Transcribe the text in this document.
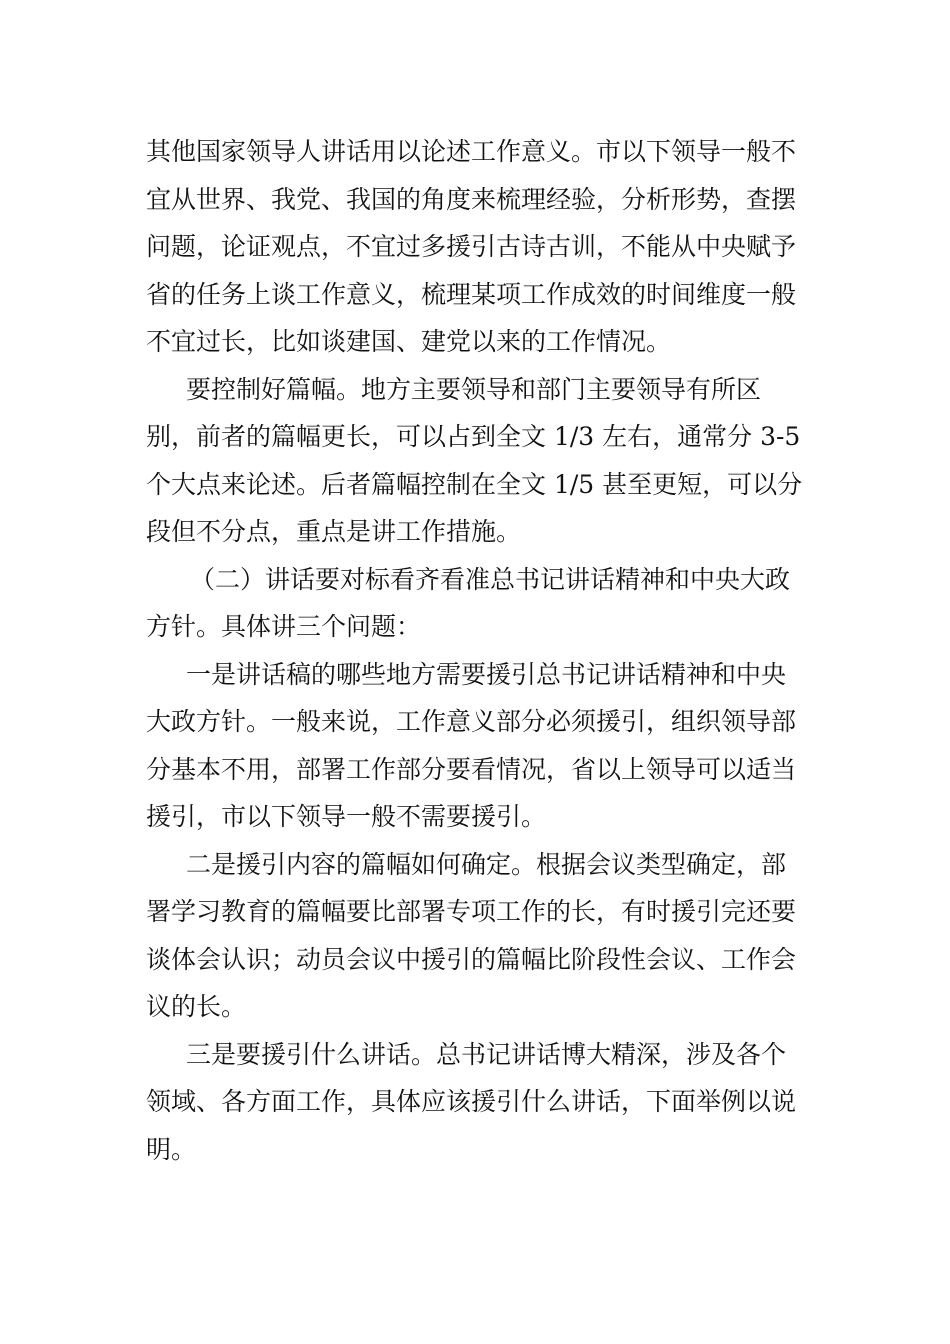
其他国家领导人讲话用以论述工作意义。市以下领导一般不宜从世界、我党、我国的角度来梳理经验，分析形势，查摆问题，论证观点，不宜过多援引古诗古训，不能从中央赋予省的任务上谈工作意义，梳理某项工作成效的时间维度一般不宜过长，比如谈建国、建党以来的工作情况。

要控制好篇幅。地方主要领导和部门主要领导有所区别，前者的篇幅更长，可以占到全文 1/3 左右，通常分 3-5 个大点来论述。后者篇幅控制在全文 1/5 甚至更短，可以分段但不分点，重点是讲工作措施。

（二）讲话要对标看齐看准总书记讲话精神和中央大政方针。具体讲三个问题：

一是讲话稿的哪些地方需要援引总书记讲话精神和中央大政方针。一般来说，工作意义部分必须援引，组织领导部分基本不用，部署工作部分要看情况，省以上领导可以适当援引，市以下领导一般不需要援引。

二是援引内容的篇幅如何确定。根据会议类型确定，部署学习教育的篇幅要比部署专项工作的长，有时援引完还要谈体会认识；动员会议中援引的篇幅比阶段性会议、工作会议的长。

三是要援引什么讲话。总书记讲话博大精深，涉及各个领域、各方面工作，具体应该援引什么讲话，下面举例以说明。
